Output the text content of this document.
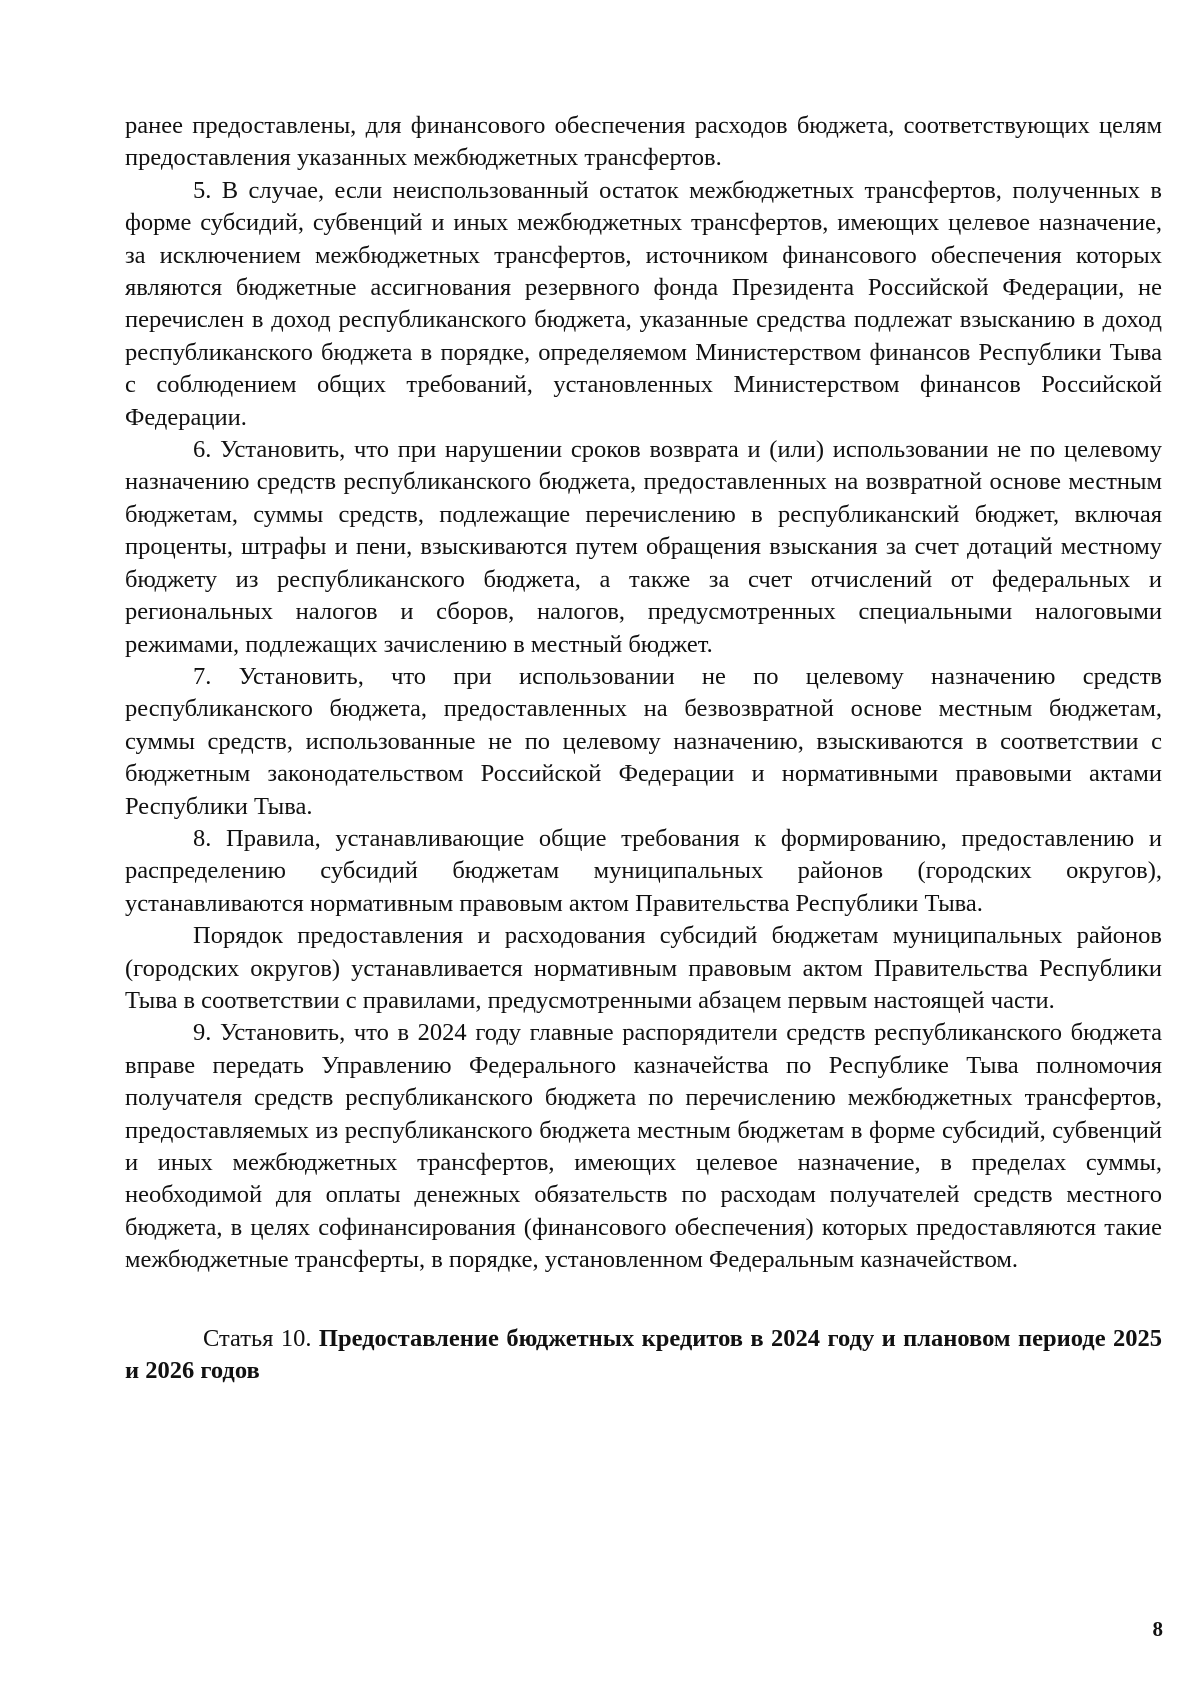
ранее предоставлены, для финансового обеспечения расходов бюджета, соответствующих целям предоставления указанных межбюджетных трансфертов.

5. В случае, если неиспользованный остаток межбюджетных трансфертов, полученных в форме субсидий, субвенций и иных межбюджетных трансфертов, имеющих целевое назначение, за исключением межбюджетных трансфертов, источником финансового обеспечения которых являются бюджетные ассигнования резервного фонда Президента Российской Федерации, не перечислен в доход республиканского бюджета, указанные средства подлежат взысканию в доход республиканского бюджета в порядке, определяемом Министерством финансов Республики Тыва с соблюдением общих требований, установленных Министерством финансов Российской Федерации.

6. Установить, что при нарушении сроков возврата и (или) использовании не по целевому назначению средств республиканского бюджета, предоставленных на возвратной основе местным бюджетам, суммы средств, подлежащие перечислению в республиканский бюджет, включая проценты, штрафы и пени, взыскиваются путем обращения взыскания за счет дотаций местному бюджету из республиканского бюджета, а также за счет отчислений от федеральных и региональных налогов и сборов, налогов, предусмотренных специальными налоговыми режимами, подлежащих зачислению в местный бюджет.

7. Установить, что при использовании не по целевому назначению средств республиканского бюджета, предоставленных на безвозвратной основе местным бюджетам, суммы средств, использованные не по целевому назначению, взыскиваются в соответствии с бюджетным законодательством Российской Федерации и нормативными правовыми актами Республики Тыва.

8. Правила, устанавливающие общие требования к формированию, предоставлению и распределению субсидий бюджетам муниципальных районов (городских округов), устанавливаются нормативным правовым актом Правительства Республики Тыва.

Порядок предоставления и расходования субсидий бюджетам муниципальных районов (городских округов) устанавливается нормативным правовым актом Правительства Республики Тыва в соответствии с правилами, предусмотренными абзацем первым настоящей части.

9. Установить, что в 2024 году главные распорядители средств республиканского бюджета вправе передать Управлению Федерального казначейства по Республике Тыва полномочия получателя средств республиканского бюджета по перечислению межбюджетных трансфертов, предоставляемых из республиканского бюджета местным бюджетам в форме субсидий, субвенций и иных межбюджетных трансфертов, имеющих целевое назначение, в пределах суммы, необходимой для оплаты денежных обязательств по расходам получателей средств местного бюджета, в целях софинансирования (финансового обеспечения) которых предоставляются такие межбюджетные трансферты, в порядке, установленном Федеральным казначейством.

Статья 10. Предоставление бюджетных кредитов в 2024 году и плановом периоде 2025 и 2026 годов

8
